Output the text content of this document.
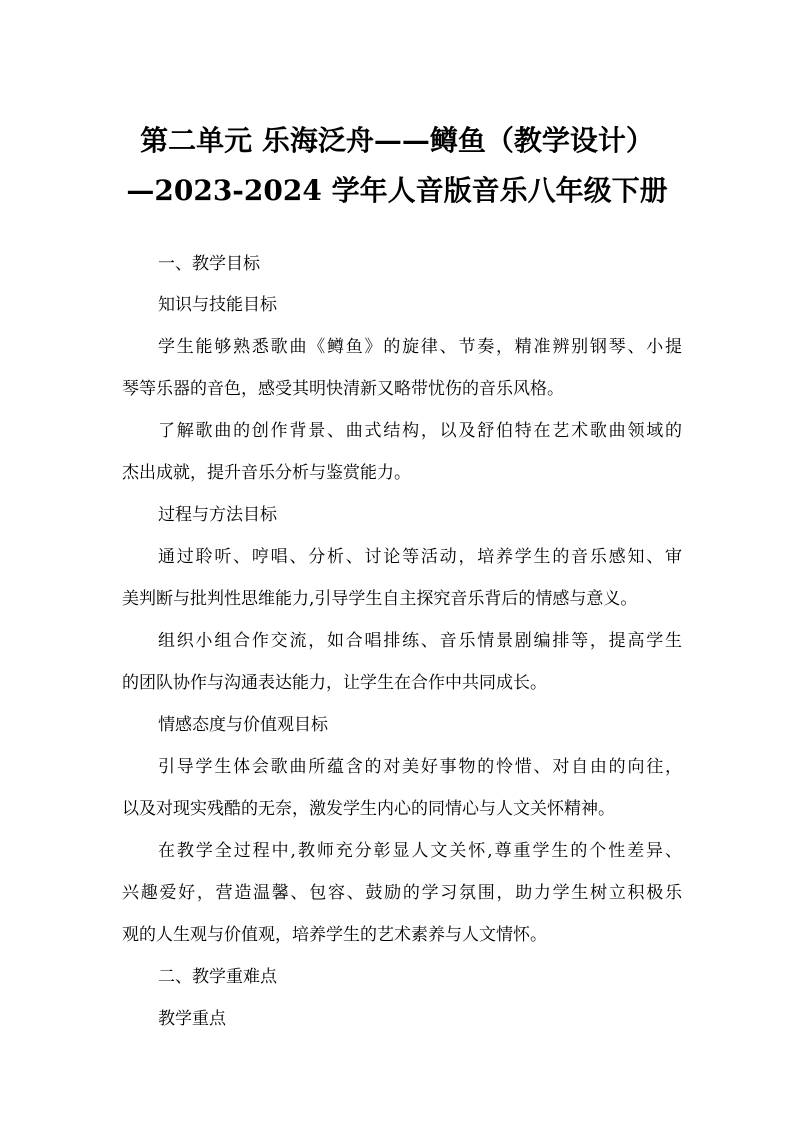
第二单元 乐海泛舟——鳟鱼（教学设计）
—2023-2024 学年人音版音乐八年级下册

一、教学目标

知识与技能目标

学生能够熟悉歌曲《鳟鱼》的旋律、节奏，精准辨别钢琴、小提

琴等乐器的音色，感受其明快清新又略带忧伤的音乐风格。

了解歌曲的创作背景、曲式结构，以及舒伯特在艺术歌曲领域的

杰出成就，提升音乐分析与鉴赏能力。

过程与方法目标

通过聆听、哼唱、分析、讨论等活动，培养学生的音乐感知、审

美判断与批判性思维能力,引导学生自主探究音乐背后的情感与意义。

组织小组合作交流，如合唱排练、音乐情景剧编排等，提高学生

的团队协作与沟通表达能力，让学生在合作中共同成长。

情感态度与价值观目标

引导学生体会歌曲所蕴含的对美好事物的怜惜、对自由的向往，

以及对现实残酷的无奈，激发学生内心的同情心与人文关怀精神。

在教学全过程中,教师充分彰显人文关怀,尊重学生的个性差异、

兴趣爱好，营造温馨、包容、鼓励的学习氛围，助力学生树立积极乐

观的人生观与价值观，培养学生的艺术素养与人文情怀。

二、教学重难点

教学重点
